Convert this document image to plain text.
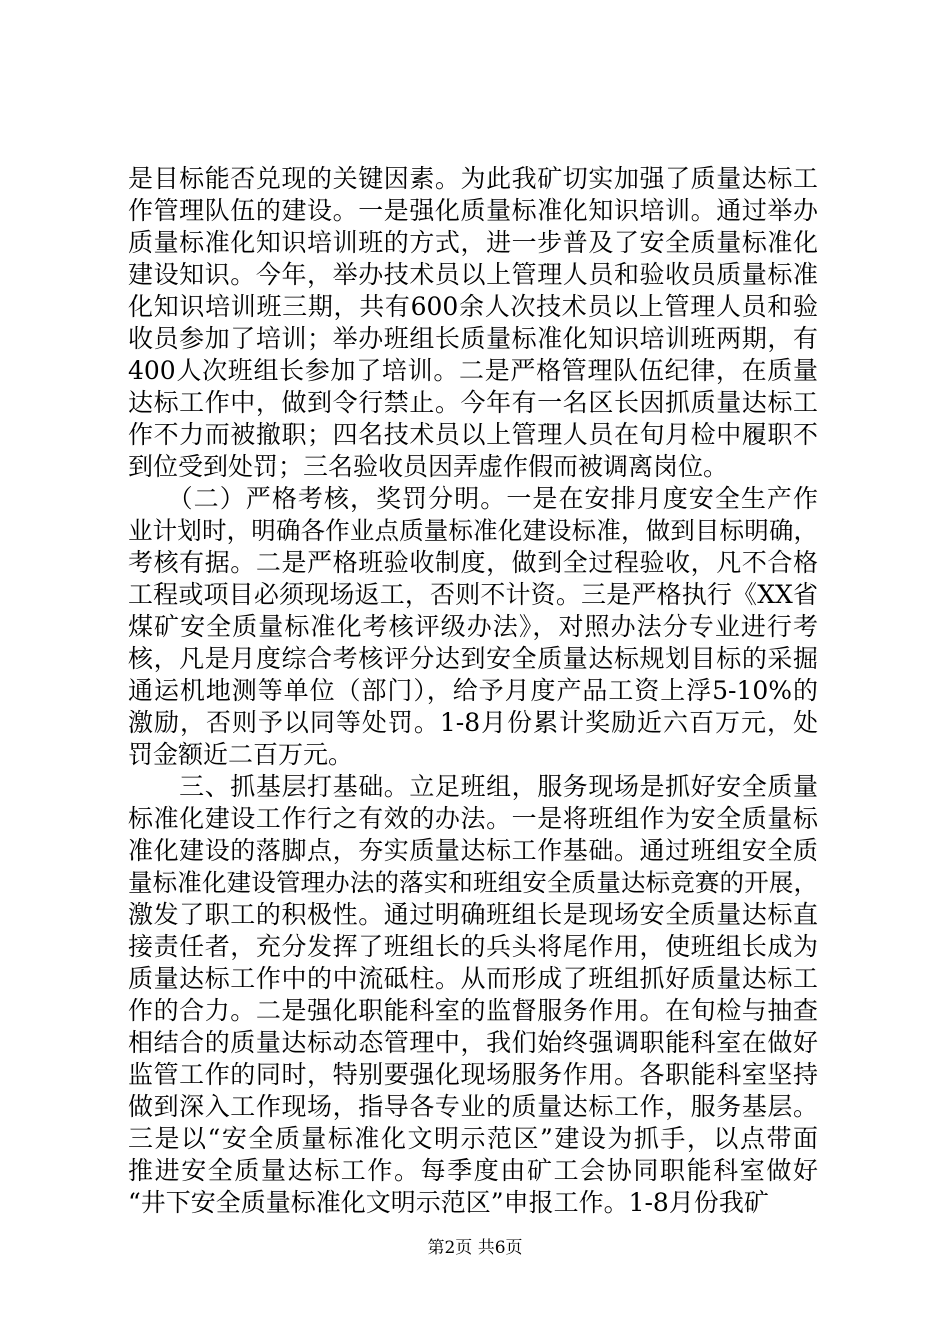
是目标能否兑现的关键因素。为此我矿切实加强了质量达标工
作管理队伍的建设。一是强化质量标准化知识培训。通过举办
质量标准化知识培训班的方式，进一步普及了安全质量标准化
建设知识。今年，举办技术员以上管理人员和验收员质量标准
化知识培训班三期，共有600余人次技术员以上管理人员和验
收员参加了培训；举办班组长质量标准化知识培训班两期，有
400人次班组长参加了培训。二是严格管理队伍纪律，在质量
达标工作中，做到令行禁止。今年有一名区长因抓质量达标工
作不力而被撤职；四名技术员以上管理人员在旬月检中履职不
到位受到处罚；三名验收员因弄虚作假而被调离岗位。
　　（二）严格考核，奖罚分明。一是在安排月度安全生产作
业计划时，明确各作业点质量标准化建设标准，做到目标明确，
考核有据。二是严格班验收制度，做到全过程验收，凡不合格
工程或项目必须现场返工，否则不计资。三是严格执行《XX省
煤矿安全质量标准化考核评级办法》，对照办法分专业进行考
核，凡是月度综合考核评分达到安全质量达标规划目标的采掘
通运机地测等单位（部门），给予月度产品工资上浮5-10%的
激励，否则予以同等处罚。1-8月份累计奖励近六百万元，处
罚金额近二百万元。
　　三、抓基层打基础。立足班组，服务现场是抓好安全质量
标准化建设工作行之有效的办法。一是将班组作为安全质量标
准化建设的落脚点，夯实质量达标工作基础。通过班组安全质
量标准化建设管理办法的落实和班组安全质量达标竞赛的开展，
激发了职工的积极性。通过明确班组长是现场安全质量达标直
接责任者，充分发挥了班组长的兵头将尾作用，使班组长成为
质量达标工作中的中流砥柱。从而形成了班组抓好质量达标工
作的合力。二是强化职能科室的监督服务作用。在旬检与抽查
相结合的质量达标动态管理中，我们始终强调职能科室在做好
监管工作的同时，特别要强化现场服务作用。各职能科室坚持
做到深入工作现场，指导各专业的质量达标工作，服务基层。
三是以“安全质量标准化文明示范区”建设为抓手，以点带面
推进安全质量达标工作。每季度由矿工会协同职能科室做好
“井下安全质量标准化文明示范区”申报工作。1-8月份我矿
第2页 共6页
